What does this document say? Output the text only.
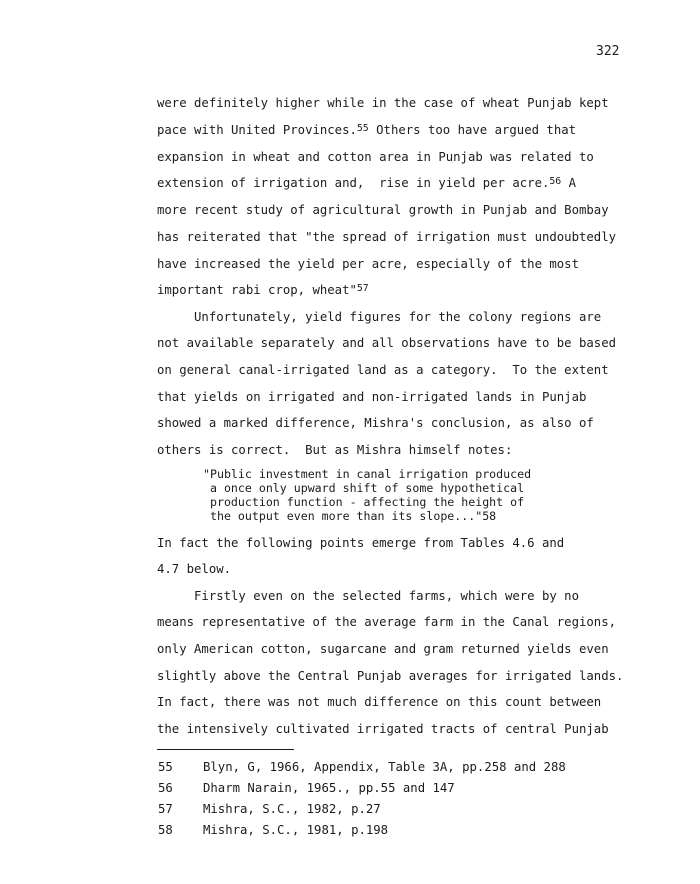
322
were definitely higher while in the case of wheat Punjab kept
pace with United Provinces.$^{55}$ Others too have argued that
expansion in wheat and cotton area in Punjab was related to
extension of irrigation and,  rise in yield per acre.$^{56}$ A
more recent study of agricultural growth in Punjab and Bombay
has reiterated that "the spread of irrigation must undoubtedly
have increased the yield per acre, especially of the most
important rabi crop, wheat"$^{57}$
Unfortunately, yield figures for the colony regions are
not available separately and all observations have to be based
on general canal-irrigated land as a category.  To the extent
that yields on irrigated and non-irrigated lands in Punjab
showed a marked difference, Mishra's conclusion, as also of
others is correct.  But as Mishra himself notes:
"Public investment in canal irrigation produced
a once only upward shift of some hypothetical
production function - affecting the height of
the output even more than its slope..."58
In fact the following points emerge from Tables 4.6 and
4.7 below.
Firstly even on the selected farms, which were by no
means representative of the average farm in the Canal regions,
only American cotton, sugarcane and gram returned yields even
slightly above the Central Punjab averages for irrigated lands.
In fact, there was not much difference on this count between
the intensively cultivated irrigated tracts of central Punjab
55 Blyn, G, 1966, Appendix, Table 3A, pp.258 and 288
56 Dharm Narain, 1965., pp.55 and 147
57 Mishra, S.C., 1982, p.27
58 Mishra, S.C., 1981, p.198
